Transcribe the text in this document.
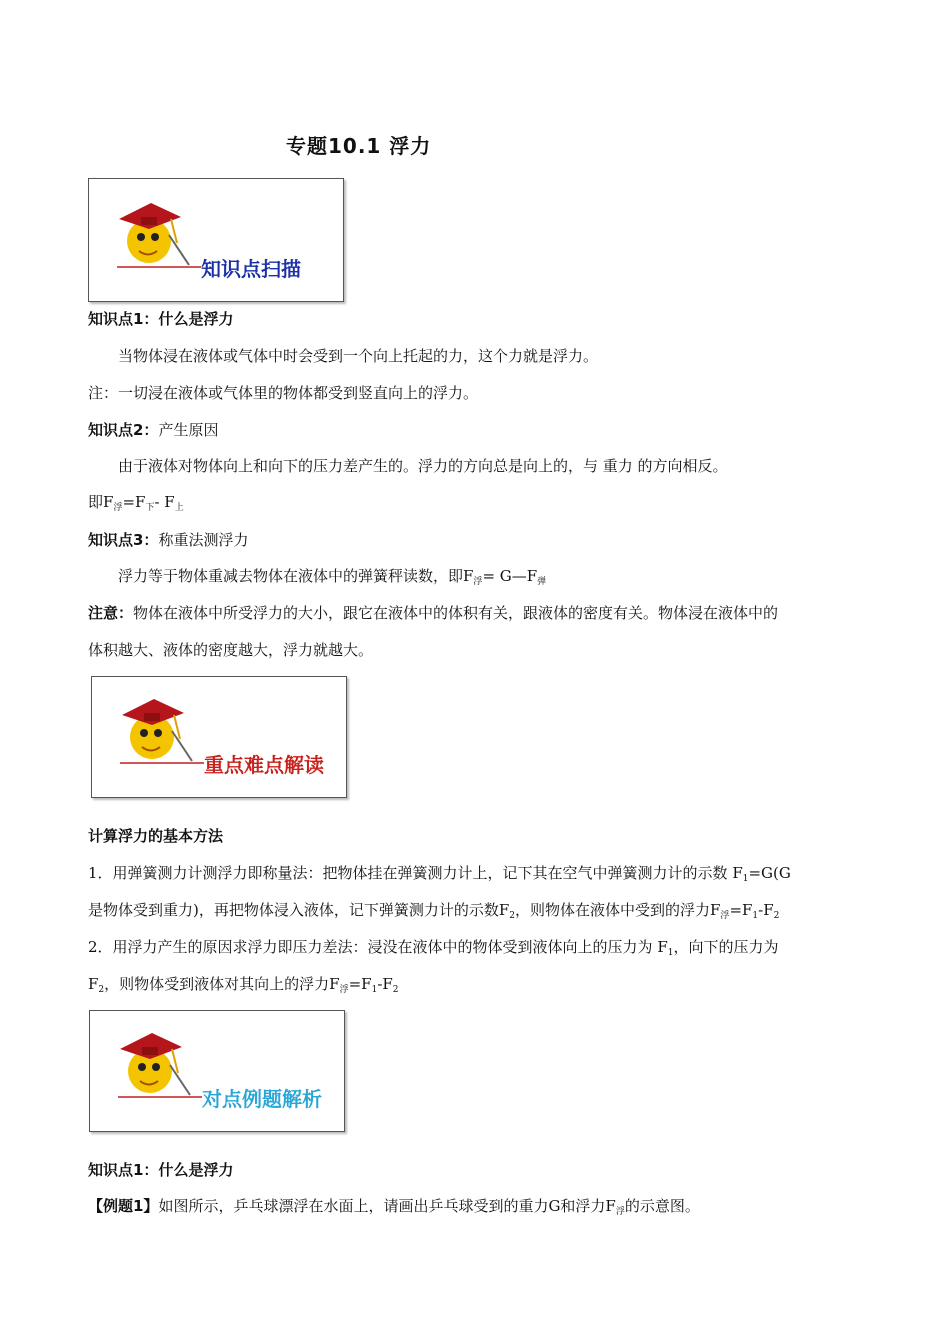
专题10.1 浮力
知识点扫描
知识点1：什么是浮力
当物体浸在液体或气体中时会受到一个向上托起的力，这个力就是浮力。
注：一切浸在液体或气体里的物体都受到竖直向上的浮力。
知识点2：产生原因
由于液体对物体向上和向下的压力差产生的。浮力的方向总是向上的，与 重力 的方向相反。
即$F_浮=F_下-$ $F_上$
知识点3：称重法测浮力
浮力等于物体重减去物体在液体中的弹簧秤读数，即$F_浮=$ $G—F_弹$
注意：物体在液体中所受浮力的大小，跟它在液体中的体积有关，跟液体的密度有关。物体浸在液体中的
体积越大、液体的密度越大，浮力就越大。
重点难点解读
计算浮力的基本方法
1．用弹簧测力计测浮力即称量法：把物体挂在弹簧测力计上，记下其在空气中弹簧测力计的示数 $F_1=G(G$
是物体受到重力)，再把物体浸入液体，记下弹簧测力计的示数$F_2$，则物体在液体中受到的浮力$F_浮=F_1-F_2$
2．用浮力产生的原因求浮力即压力差法：浸没在液体中的物体受到液体向上的压力为 $F_1$，向下的压力为
$F_2$，则物体受到液体对其向上的浮力$F_浮=F_1-F_2$
对点例题解析
知识点1：什么是浮力
【例题1】如图所示，乒乓球漂浮在水面上，请画出乒乓球受到的重力G和浮力$F_浮$的示意图。
